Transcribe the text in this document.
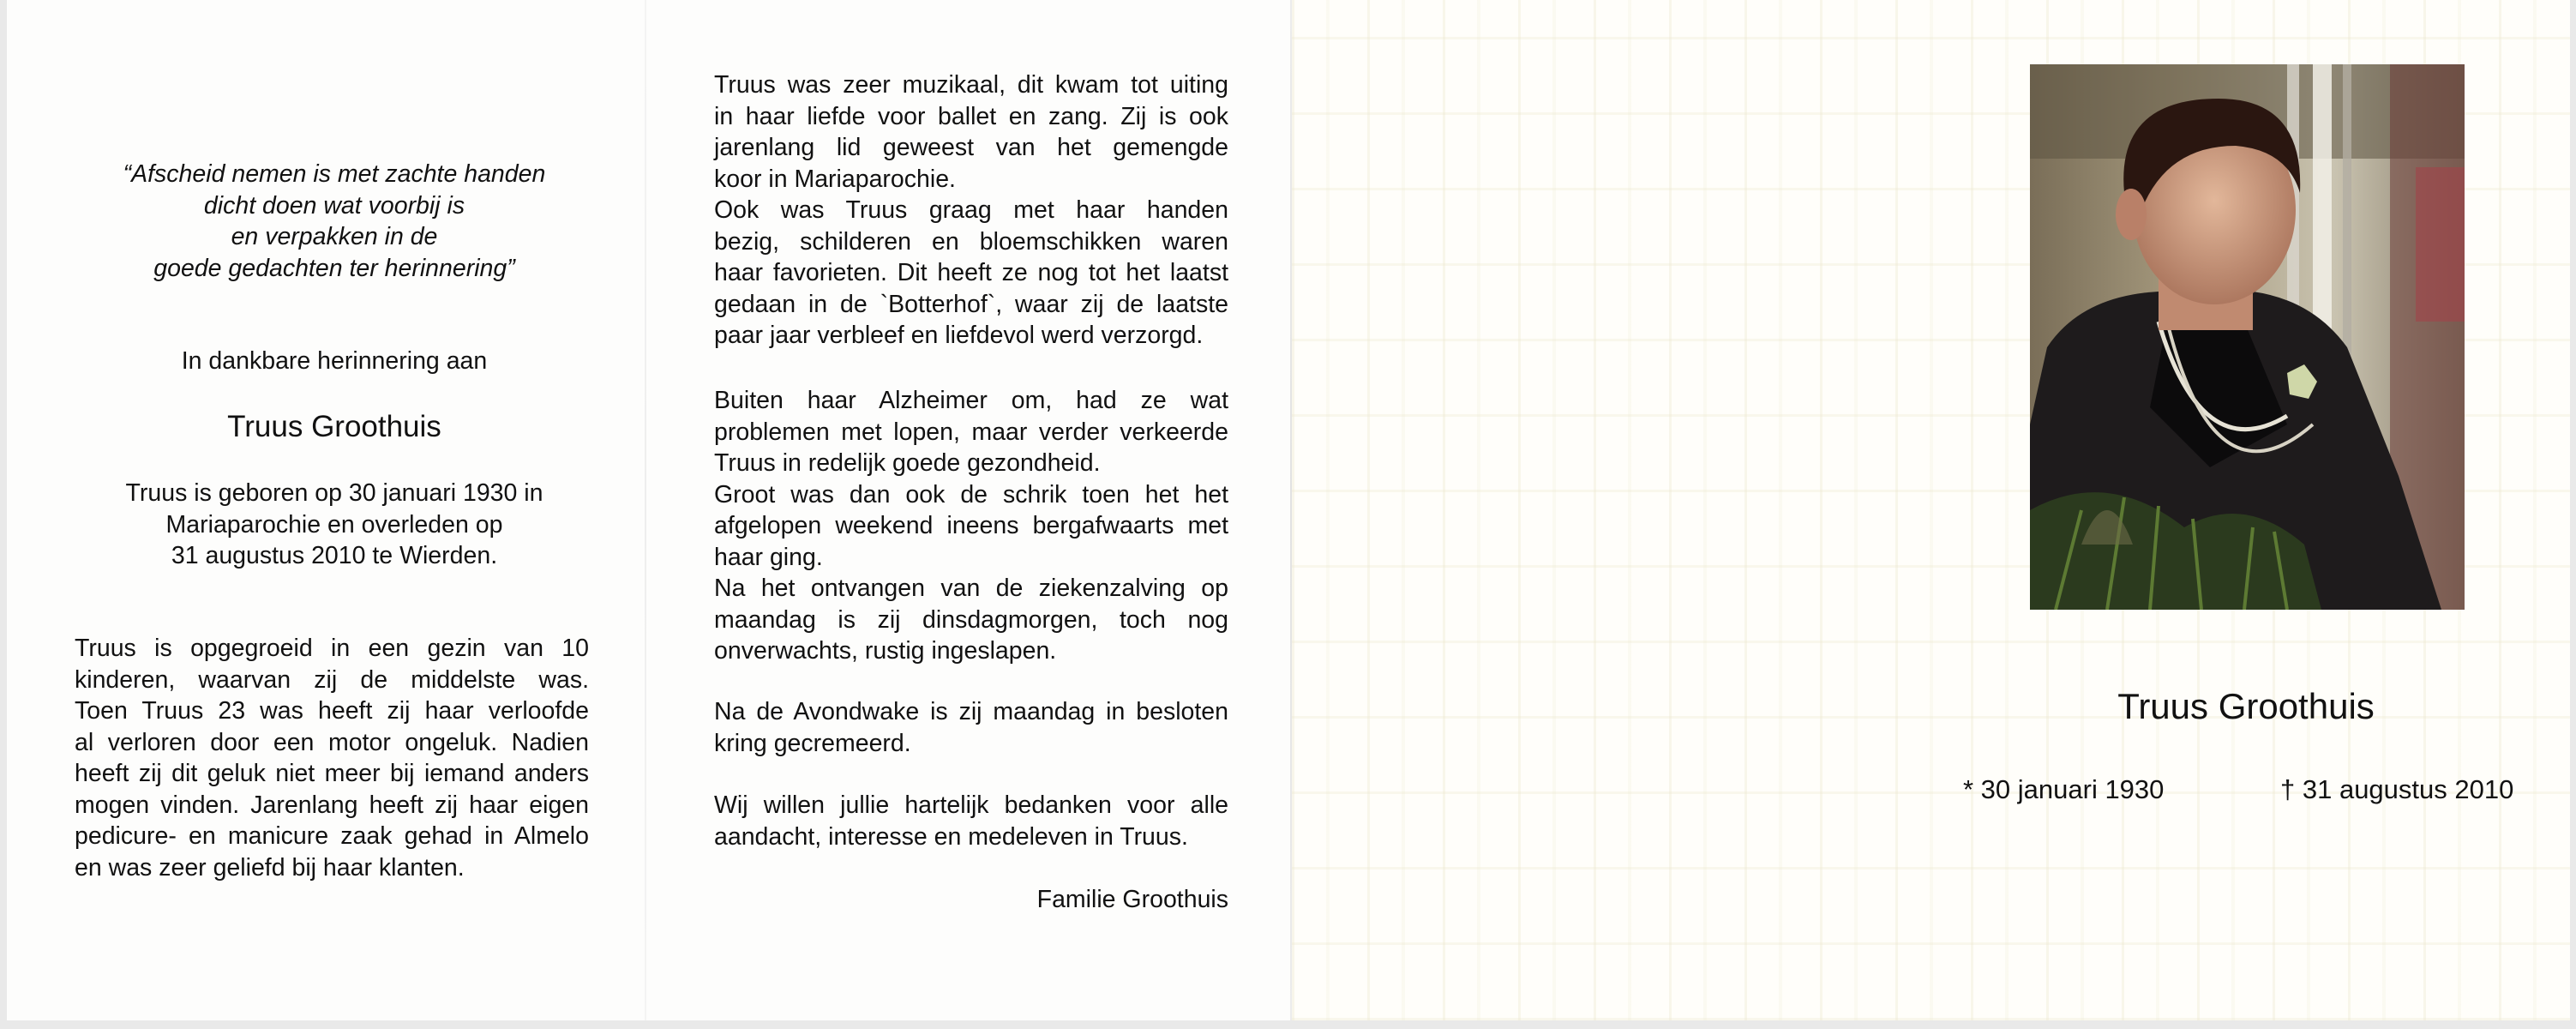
“Afscheid nemen is met zachte handen
dicht doen wat voorbij is
en verpakken in de
goede gedachten ter herinnering”
In dankbare herinnering aan
Truus Groothuis
Truus is geboren op 30 januari 1930 in
Mariaparochie en overleden op
31 augustus 2010 te Wierden.
Truus is opgegroeid in een gezin van 10
kinderen, waarvan zij de middelste was.
Toen Truus 23 was heeft zij haar verloofde
al verloren door een motor ongeluk. Nadien
heeft zij dit geluk niet meer bij iemand anders
mogen vinden. Jarenlang heeft zij haar eigen
pedicure- en manicure zaak gehad in Almelo
en was zeer geliefd bij haar klanten.
Truus was zeer muzikaal, dit kwam tot uiting
in haar liefde voor ballet en zang. Zij is ook
jarenlang lid geweest van het gemengde
koor in Mariaparochie.
Ook was Truus graag met haar handen
bezig, schilderen en bloemschikken waren
haar favorieten. Dit heeft ze nog tot het laatst
gedaan in de `Botterhof`, waar zij de laatste
paar jaar verbleef en liefdevol werd verzorgd.
Buiten haar Alzheimer om, had ze wat
problemen met lopen, maar verder verkeerde
Truus in redelijk goede gezondheid.
Groot was dan ook de schrik toen het het
afgelopen weekend ineens bergafwaarts met
haar ging.
Na het ontvangen van de ziekenzalving op
maandag is zij dinsdagmorgen, toch nog
onverwachts, rustig ingeslapen.
Na de Avondwake is zij maandag in besloten
kring gecremeerd.
Wij willen jullie hartelijk bedanken voor alle
aandacht, interesse en medeleven in Truus.
Familie Groothuis
Truus Groothuis
* 30 januari 1930	† 31 augustus 2010
